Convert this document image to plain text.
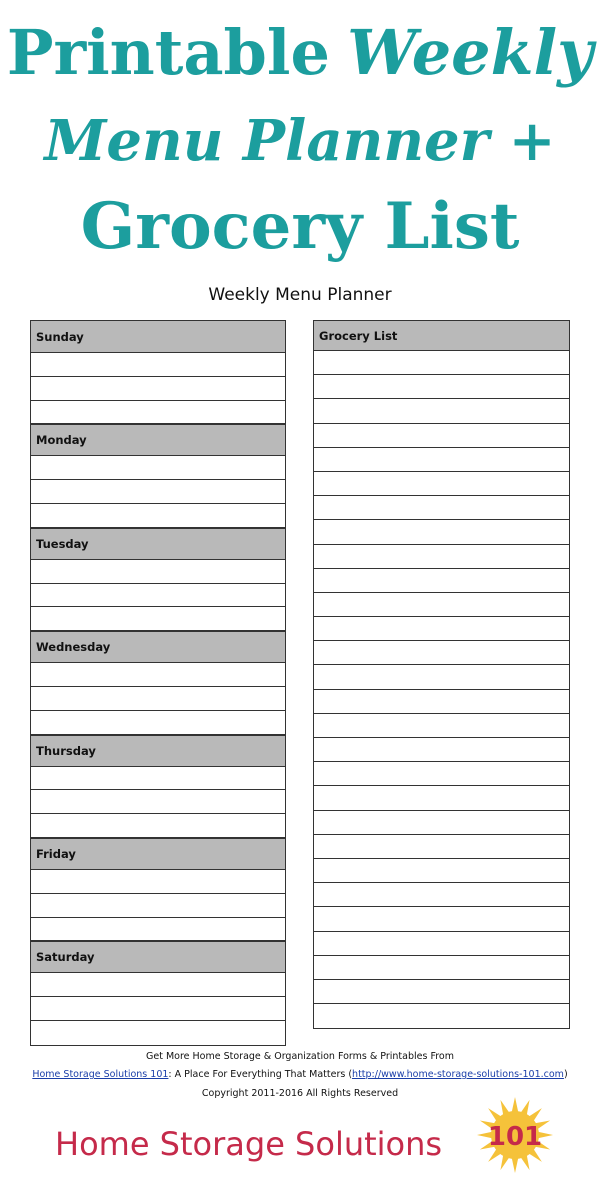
Printable Weekly
Menu Planner +
Grocery List
Weekly Menu Planner
Sunday
Monday
Tuesday
Wednesday
Thursday
Friday
Saturday
Grocery List
Get More Home Storage & Organization Forms & Printables From
Home Storage Solutions 101: A Place For Everything That Matters (http://www.home-storage-solutions-101.com)
Copyright 2011-2016 All Rights Reserved
Home Storage Solutions	101
